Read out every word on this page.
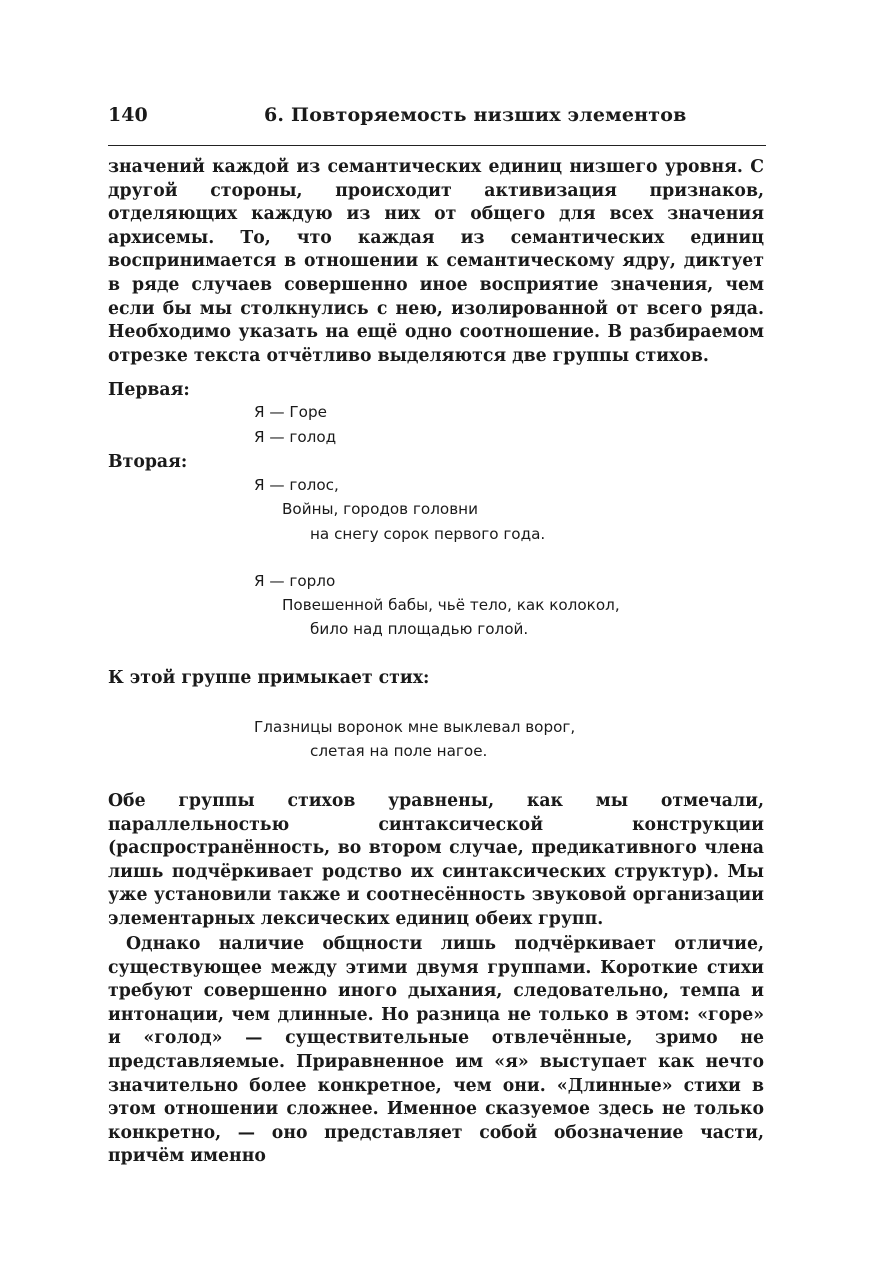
140	6. Повторяемость низших элементов

значений каждой из семантических единиц низшего уровня. С другой стороны, происходит активизация признаков, отделяющих каждую из них от общего для всех значения архисемы. То, что каждая из семантических единиц воспринимается в отношении к семантическому ядру, диктует в ряде случаев совершенно иное восприятие значения, чем если бы мы столкнулись с нею, изолированной от всего ряда. Необходимо указать на ещё одно соотношение. В разбираемом отрезке текста отчётливо выделяются две группы стихов.

Первая:
Я — Горе
Я — голод
Вторая:
Я — голос,
Войны, городов головни
на снегу сорок первого года.
Я — горло
Повешенной бабы, чьё тело, как колокол,
било над площадью голой.
К этой группе примыкает стих:
Глазницы воронок мне выклевал ворог,
слетая на поле нагое.

Обе группы стихов уравнены, как мы отмечали, параллельностью синтаксической конструкции (распространённость, во втором случае, предикативного члена лишь подчёркивает родство их синтаксических структур). Мы уже установили также и соотнесённость звуковой организации элементарных лексических единиц обеих групп.

Однако наличие общности лишь подчёркивает отличие, существующее между этими двумя группами. Короткие стихи требуют совершенно иного дыхания, следовательно, темпа и интонации, чем длинные. Но разница не только в этом: «горе» и «голод» — существительные отвлечённые, зримо не представляемые. Приравненное им «я» выступает как нечто значительно более конкретное, чем они. «Длинные» стихи в этом отношении сложнее. Именное сказуемое здесь не только конкретно, — оно представляет собой обозначение части, причём именно
